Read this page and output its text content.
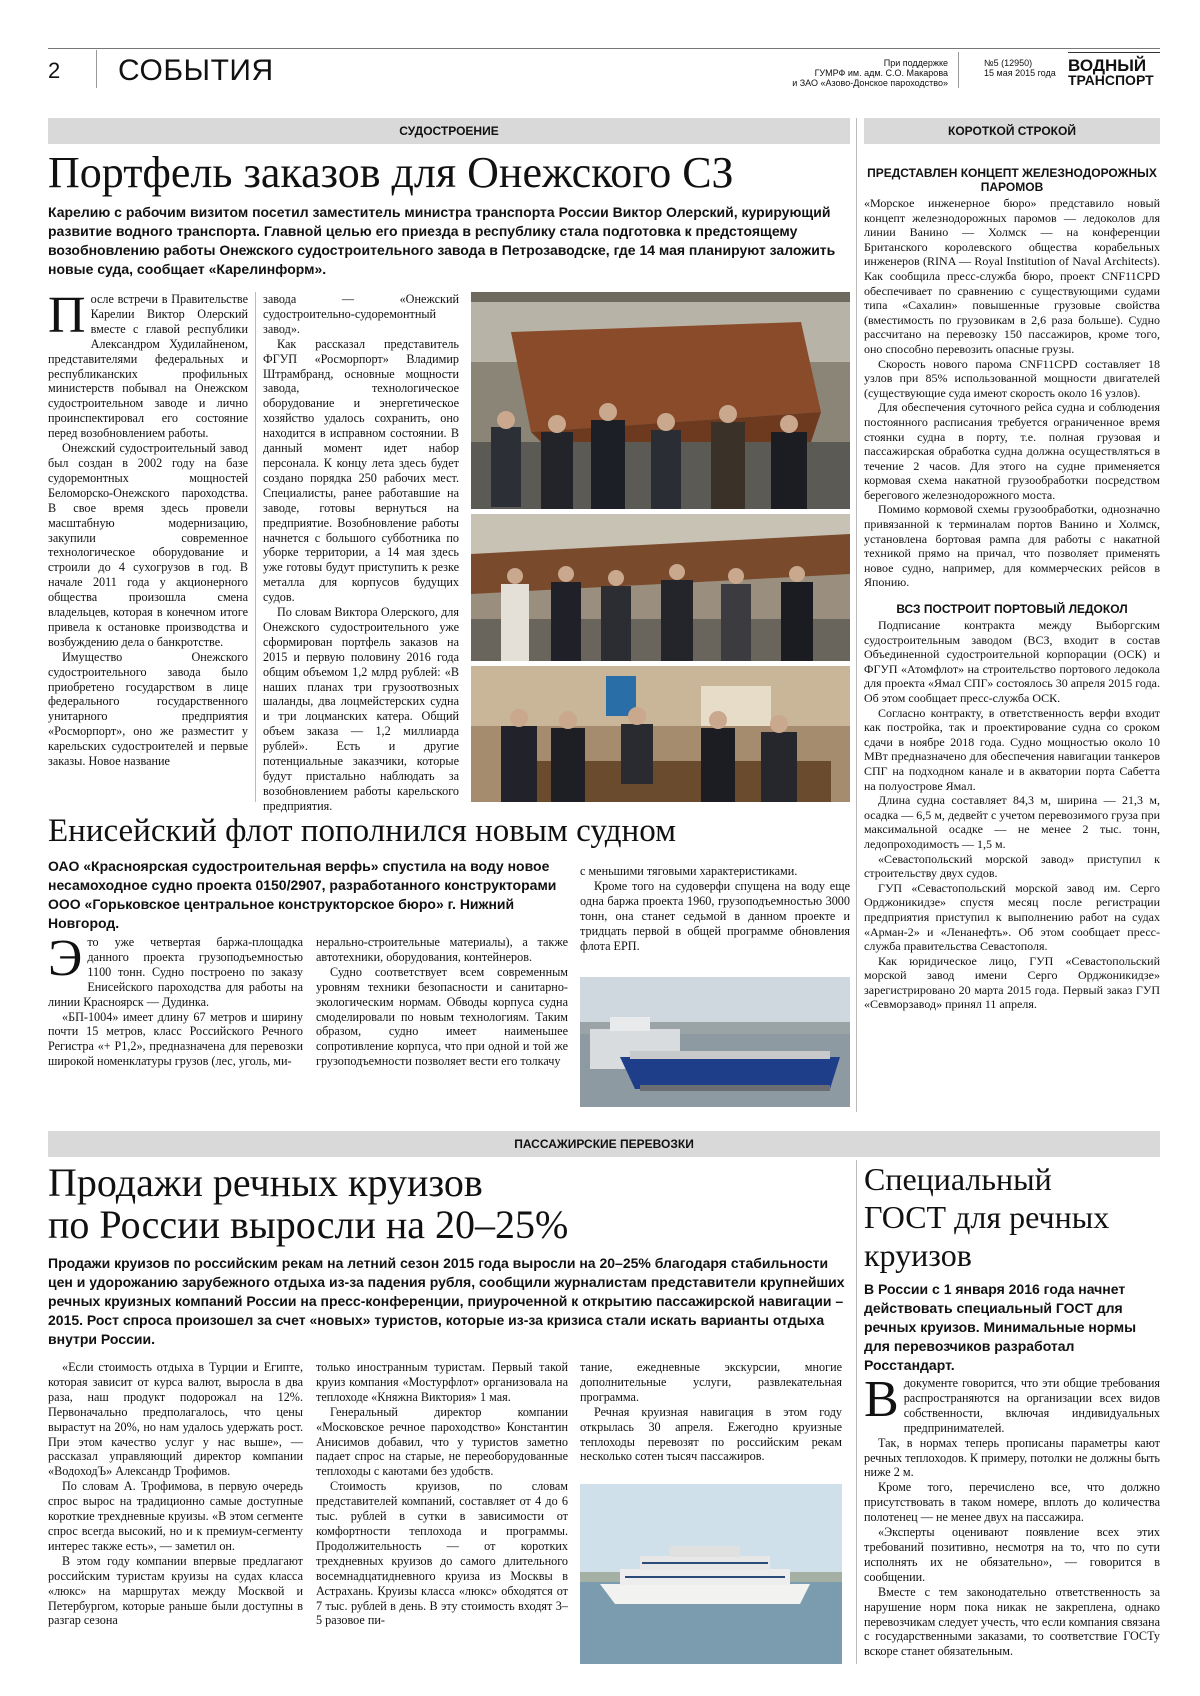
2 СОБЫТИЯ	При поддержке
ГУМРФ им. адм. С.О. Макарова
и ЗАО «Азово-Донское пароходство»
№5 (12950)
15 мая 2015 года ВОДНЫЙ
ТРАНСПОРТ
СУДОСТРОЕНИЕ
Портфель заказов для Онежского СЗ
Карелию с рабочим визитом посетил заместитель министра транспорта России Виктор Олерский, курирующий развитие водного транспорта. Главной целью его приезда в республику стала подготовка к предстоящему возобновлению работы Онежского судостроительного завода в Петрозаводске, где 14 мая планируют заложить новые суда, сообщает «Карелинформ».
П осле встречи в Правительстве Карелии Виктор Олерский вместе с главой республики Александром Худилайненом, представителями федеральных и республиканских профильных министерств побывал на Онежском судостроительном заводе и лично проинспектировал его состояние перед возобновлением работы.

Онежский судостроительный завод был создан в 2002 году на базе судоремонтных мощностей Беломорско-Онежского пароходства. В свое время здесь провели масштабную модернизацию, закупили современное технологическое оборудование и строили до 4 сухогрузов в год. В начале 2011 года у акционерного общества произошла смена владельцев, которая в конечном итоге привела к остановке производства и возбуждению дела о банкротстве.

Имущество Онежского судостроительного завода было приобретено государством в лице федерального государственного унитарного предприятия «Росморпорт», оно же разместит у карельских судостроителей и первые заказы. Новое название

завода — «Онежский судостроительно-судоремонтный завод».

Как рассказал представитель ФГУП «Росморпорт» Владимир Штрамбранд, основные мощности завода, технологическое оборудование и энергетическое хозяйство удалось сохранить, оно находится в исправном состоянии. В данный момент идет набор персонала. К концу лета здесь будет создано порядка 250 рабочих мест. Специалисты, ранее работавшие на заводе, готовы вернуться на предприятие. Возобновление работы начнется с большого субботника по уборке территории, а 14 мая здесь уже готовы будут приступить к резке металла для корпусов будущих судов.

По словам Виктора Олерского, для Онежского судостроительного уже сформирован портфель заказов на 2015 и первую половину 2016 года общим объемом 1,2 млрд рублей: «В наших планах три грузоотвозных шаланды, два лоцмейстерских судна и три лоцманских катера. Общий объем заказа — 1,2 миллиарда рублей». Есть и другие потенциальные заказчики, которые будут пристально наблюдать за возобновлением работы карельского предприятия.

Енисейский флот пополнился новым судном
ОАО «Красноярская судостроительная верфь» спустила на воду новое несамоходное судно проекта 0150/2907, разработанного конструкторами ООО «Горьковское центральное конструкторское бюро» г. Нижний Новгород.
Э то уже четвертая баржа-площадка данного проекта грузоподъемностью 1100 тонн. Судно построено по заказу Енисейского пароходства для работы на линии Красноярск — Дудинка.

«БП-1004» имеет длину 67 метров и ширину почти 15 метров, класс Российского Речного Регистра «+ Р1,2», предназначена для перевозки широкой номенклатуры грузов (лес, уголь, ми-

нерально-строительные материалы), а также автотехники, оборудования, контейнеров.

Судно соответствует всем современным уровням техники безопасности и санитарно-экологическим нормам. Обводы корпуса судна смоделировали по новым технологиям. Таким образом, судно имеет наименьшее сопротивление корпуса, что при одной и той же грузоподъемности позволяет вести его толкачу

с меньшими тяговыми характеристиками.

Кроме того на судоверфи спущена на воду еще одна баржа проекта 1960, грузоподъемностью 3000 тонн, она станет седьмой в данном проекте и тридцать первой в общей программе обновления флота ЕРП.

КОРОТКОЙ СТРОКОЙ
ПРЕДСТАВЛЕН КОНЦЕПТ ЖЕЛЕЗНОДОРОЖНЫХ ПАРОМОВ

«Морское инженерное бюро» представило новый концепт железнодорожных паромов — ледоколов для линии Ванино — Холмск — на конференции Британского королевского общества корабельных инженеров (RINA — Royal Institution of Naval Architects). Как сообщила пресс-служба бюро, проект CNF11CPD обеспечивает по сравнению с существующими судами типа «Сахалин» повышенные грузовые свойства (вместимость по грузовикам в 2,6 раза больше). Судно рассчитано на перевозку 150 пассажиров, кроме того, оно способно перевозить опасные грузы.

Скорость нового парома CNF11CPD составляет 18 узлов при 85% использованной мощности двигателей (существующие суда имеют скорость около 16 узлов).

Для обеспечения суточного рейса судна и соблюдения постоянного расписания требуется ограниченное время стоянки судна в порту, т.е. полная грузовая и пассажирская обработка судна должна осуществляться в течение 2 часов. Для этого на судне применяется кормовая схема накатной грузообработки посредством берегового железнодорожного моста.

Помимо кормовой схемы грузообработки, однозначно привязанной к терминалам портов Ванино и Холмск, установлена бортовая рампа для работы с накатной техникой прямо на причал, что позволяет применять новое судно, например, для коммерческих рейсов в Японию.

ВСЗ ПОСТРОИТ ПОРТОВЫЙ ЛЕДОКОЛ

Подписание контракта между Выборгским судостроительным заводом (ВСЗ, входит в состав Объединенной судостроительной корпорации (ОСК) и ФГУП «Атомфлот» на строительство портового ледокола для проекта «Ямал СПГ» состоялось 30 апреля 2015 года. Об этом сообщает пресс-служба ОСК.

Согласно контракту, в ответственность верфи входит как постройка, так и проектирование судна со сроком сдачи в ноябре 2018 года. Судно мощностью около 10 МВт предназначено для обеспечения навигации танкеров СПГ на подходном канале и в акватории порта Сабетта на полуострове Ямал.

Длина судна составляет 84,3 м, ширина — 21,3 м, осадка — 6,5 м, дедвейт с учетом перевозимого груза при максимальной осадке — не менее 2 тыс. тонн, ледопроходимость — 1,5 м.

«Севастопольский морской завод» приступил к строительству двух судов.

ГУП «Севастопольский морской завод им. Серго Орджоникидзе» спустя месяц после регистрации предприятия приступил к выполнению работ на судах «Арман-2» и «Ленанефть». Об этом сообщает пресс-служба правительства Севастополя.

Как юридическое лицо, ГУП «Севастопольский морской завод имени Серго Орджоникидзе» зарегистрировано 20 марта 2015 года. Первый заказ ГУП «Севморзавод» принял 11 апреля.

ПАССАЖИРСКИЕ ПЕРЕВОЗКИ
Продажи речных круизов
по России выросли на 20–25%
Продажи круизов по российским рекам на летний сезон 2015 года выросли на 20–25% благодаря стабильности цен и удорожанию зарубежного отдыха из-за падения рубля, сообщили журналистам представители крупнейших речных круизных компаний России на пресс-конференции, приуроченной к открытию пассажирской навигации – 2015. Рост спроса произошел за счет «новых» туристов, которые из-за кризиса стали искать варианты отдыха внутри России.

«Если стоимость отдыха в Турции и Египте, которая зависит от курса валют, выросла в два раза, наш продукт подорожал на 12%. Первоначально предполагалось, что цены вырастут на 20%, но нам удалось удержать рост. При этом качество услуг у нас выше», — рассказал управляющий директор компании «ВодоходЪ» Александр Трофимов.

По словам А. Трофимова, в первую очередь спрос вырос на традиционно самые доступные короткие трехдневные круизы. «В этом сегменте спрос всегда высокий, но и к премиум-сегменту интерес также есть», — заметил он.

В этом году компании впервые предлагают российским туристам круизы на судах класса «люкс» на маршрутах между Москвой и Петербургом, которые раньше были доступны в разгар сезона

только иностранным туристам. Первый такой круиз компания «Мостурфлот» организовала на теплоходе «Княжна Виктория» 1 мая.

Генеральный директор компании «Московское речное пароходство» Константин Анисимов добавил, что у туристов заметно падает спрос на старые, не переоборудованные теплоходы с каютами без удобств.

Стоимость круизов, по словам представителей компаний, составляет от 4 до 6 тыс. рублей в сутки в зависимости от комфортности теплохода и программы. Продолжительность — от коротких трехдневных круизов до самого длительного восемнадцатидневного круиза из Москвы в Астрахань. Круизы класса «люкс» обходятся от 7 тыс. рублей в день. В эту стоимость входят 3–5 разовое пи-

тание, ежедневные экскурсии, многие дополнительные услуги, развлекательная программа.

Речная круизная навигация в этом году открылась 30 апреля. Ежегодно круизные теплоходы перевозят по российским рекам несколько сотен тысяч пассажиров.

Специальный
ГОСТ для речных
круизов
В России с 1 января 2016 года начнет действовать специальный ГОСТ для речных круизов. Минимальные нормы для перевозчиков разработал Росстандарт.
В документе говорится, что эти общие требования распространяются на организации всех видов собственности, включая индивидуальных предпринимателей.

Так, в нормах теперь прописаны параметры кают речных теплоходов. К примеру, потолки не должны быть ниже 2 м.

Кроме того, перечислено все, что должно присутствовать в таком номере, вплоть до количества полотенец — не менее двух на пассажира.

«Эксперты оценивают появление всех этих требований позитивно, несмотря на то, что по сути исполнять их не обязательно», — говорится в сообщении.

Вместе с тем законодательно ответственность за нарушение норм пока никак не закреплена, однако перевозчикам следует учесть, что если компания связана с государственными заказами, то соответствие ГОСТу вскоре станет обязательным.
